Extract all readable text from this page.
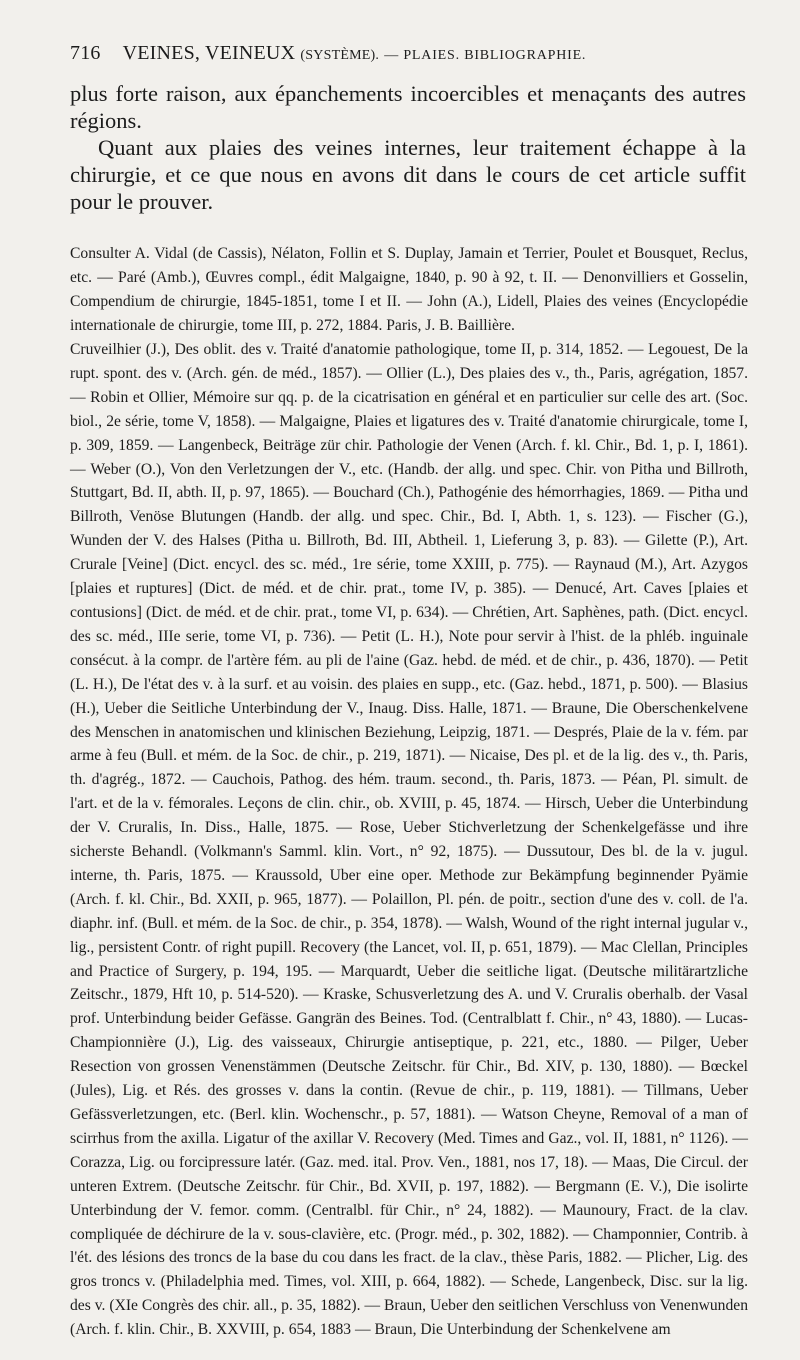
716 VEINES, VEINEUX (SYSTÈME). — PLAIES. BIBLIOGRAPHIE.

plus forte raison, aux épanchements incoercibles et menaçants des autres régions.

Quant aux plaies des veines internes, leur traitement échappe à la chirurgie, et ce que nous en avons dit dans le cours de cet article suffit pour le prouver.

Consulter A. Vidal (de Cassis), Nélaton, Follin et S. Duplay, Jamain et Terrier, Poulet et Bousquet, Reclus, etc. — Paré (Amb.), Œuvres compl., édit Malgaigne, 1840, p. 90 à 92, t. II. — Denonvilliers et Gosselin, Compendium de chirurgie, 1845-1851, tome I et II. — John (A.), Lidell, Plaies des veines (Encyclopédie internationale de chirurgie, tome III, p. 272, 1884. Paris, J. B. Baillière.

Cruveilhier (J.), Des oblit. des v. Traité d'anatomie pathologique, tome II, p. 314, 1852. — Legouest, De la rupt. spont. des v. (Arch. gén. de méd., 1857). — Ollier (L.), Des plaies des v., th., Paris, agrégation, 1857. — Robin et Ollier, Mémoire sur qq. p. de la cicatrisation en général et en particulier sur celle des art. (Soc. biol., 2e série, tome V, 1858). — Malgaigne, Plaies et ligatures des v. Traité d'anatomie chirurgicale, tome I, p. 309, 1859. — Langenbeck, Beiträge zür chir. Pathologie der Venen (Arch. f. kl. Chir., Bd. 1, p. I, 1861). — Weber (O.), Von den Verletzungen der V., etc. (Handb. der allg. und spec. Chir. von Pitha und Billroth, Stuttgart, Bd. II, abth. II, p. 97, 1865). — Bouchard (Ch.), Pathogénie des hémorrhagies, 1869. — Pitha und Billroth, Venöse Blutungen (Handb. der allg. und spec. Chir., Bd. I, Abth. 1, s. 123). — Fischer (G.), Wunden der V. des Halses (Pitha u. Billroth, Bd. III, Abtheil. 1, Lieferung 3, p. 83). — Gilette (P.), Art. Crurale [Veine] (Dict. encycl. des sc. méd., 1re série, tome XXIII, p. 775). — Raynaud (M.), Art. Azygos [plaies et ruptures] (Dict. de méd. et de chir. prat., tome IV, p. 385). — Denucé, Art. Caves [plaies et contusions] (Dict. de méd. et de chir. prat., tome VI, p. 634). — Chrétien, Art. Saphènes, path. (Dict. encycl. des sc. méd., IIIe serie, tome VI, p. 736). — Petit (L. H.), Note pour servir à l'hist. de la phléb. inguinale consécut. à la compr. de l'artère fém. au pli de l'aine (Gaz. hebd. de méd. et de chir., p. 436, 1870). — Petit (L. H.), De l'état des v. à la surf. et au voisin. des plaies en supp., etc. (Gaz. hebd., 1871, p. 500). — Blasius (H.), Ueber die Seitliche Unterbindung der V., Inaug. Diss. Halle, 1871. — Braune, Die Oberschenkelvene des Menschen in anatomischen und klinischen Beziehung, Leipzig, 1871. — Després, Plaie de la v. fém. par arme à feu (Bull. et mém. de la Soc. de chir., p. 219, 1871). — Nicaise, Des pl. et de la lig. des v., th. Paris, th. d'agrég., 1872. — Cauchois, Pathog. des hém. traum. second., th. Paris, 1873. — Péan, Pl. simult. de l'art. et de la v. fémorales. Leçons de clin. chir., ob. XVIII, p. 45, 1874. — Hirsch, Ueber die Unterbindung der V. Cruralis, In. Diss., Halle, 1875. — Rose, Ueber Stichverletzung der Schenkelgefässe und ihre sicherste Behandl. (Volkmann's Samml. klin. Vort., n° 92, 1875). — Dussutour, Des bl. de la v. jugul. interne, th. Paris, 1875. — Kraussold, Uber eine oper. Methode zur Bekämpfung beginnender Pyämie (Arch. f. kl. Chir., Bd. XXII, p. 965, 1877). — Polaillon, Pl. pén. de poitr., section d'une des v. coll. de l'a. diaphr. inf. (Bull. et mém. de la Soc. de chir., p. 354, 1878). — Walsh, Wound of the right internal jugular v., lig., persistent Contr. of right pupill. Recovery (the Lancet, vol. II, p. 651, 1879). — Mac Clellan, Principles and Practice of Surgery, p. 194, 195. — Marquardt, Ueber die seitliche ligat. (Deutsche militärartzliche Zeitschr., 1879, Hft 10, p. 514-520). — Kraske, Schusverletzung des A. und V. Cruralis oberhalb. der Vasal prof. Unterbindung beider Gefässe. Gangrän des Beines. Tod. (Centralblatt f. Chir., n° 43, 1880). — Lucas-Championnière (J.), Lig. des vaisseaux, Chirurgie antiseptique, p. 221, etc., 1880. — Pilger, Ueber Resection von grossen Venenstämmen (Deutsche Zeitschr. für Chir., Bd. XIV, p. 130, 1880). — Bœckel (Jules), Lig. et Rés. des grosses v. dans la contin. (Revue de chir., p. 119, 1881). — Tillmans, Ueber Gefässverletzungen, etc. (Berl. klin. Wochenschr., p. 57, 1881). — Watson Cheyne, Removal of a man of scirrhus from the axilla. Ligatur of the axillar V. Recovery (Med. Times and Gaz., vol. II, 1881, n° 1126). — Corazza, Lig. ou forcipressure latér. (Gaz. med. ital. Prov. Ven., 1881, nos 17, 18). — Maas, Die Circul. der unteren Extrem. (Deutsche Zeitschr. für Chir., Bd. XVII, p. 197, 1882). — Bergmann (E. V.), Die isolirte Unterbindung der V. femor. comm. (Centralbl. für Chir., n° 24, 1882). — Maunoury, Fract. de la clav. compliquée de déchirure de la v. sous-clavière, etc. (Progr. méd., p. 302, 1882). — Champonnier, Contrib. à l'ét. des lésions des troncs de la base du cou dans les fract. de la clav., thèse Paris, 1882. — Plicher, Lig. des gros troncs v. (Philadelphia med. Times, vol. XIII, p. 664, 1882). — Schede, Langenbeck, Disc. sur la lig. des v. (XIe Congrès des chir. all., p. 35, 1882). — Braun, Ueber den seitlichen Verschluss von Venenwunden (Arch. f. klin. Chir., B. XXVIII, p. 654, 1883 — Braun, Die Unterbindung der Schenkelvene am
